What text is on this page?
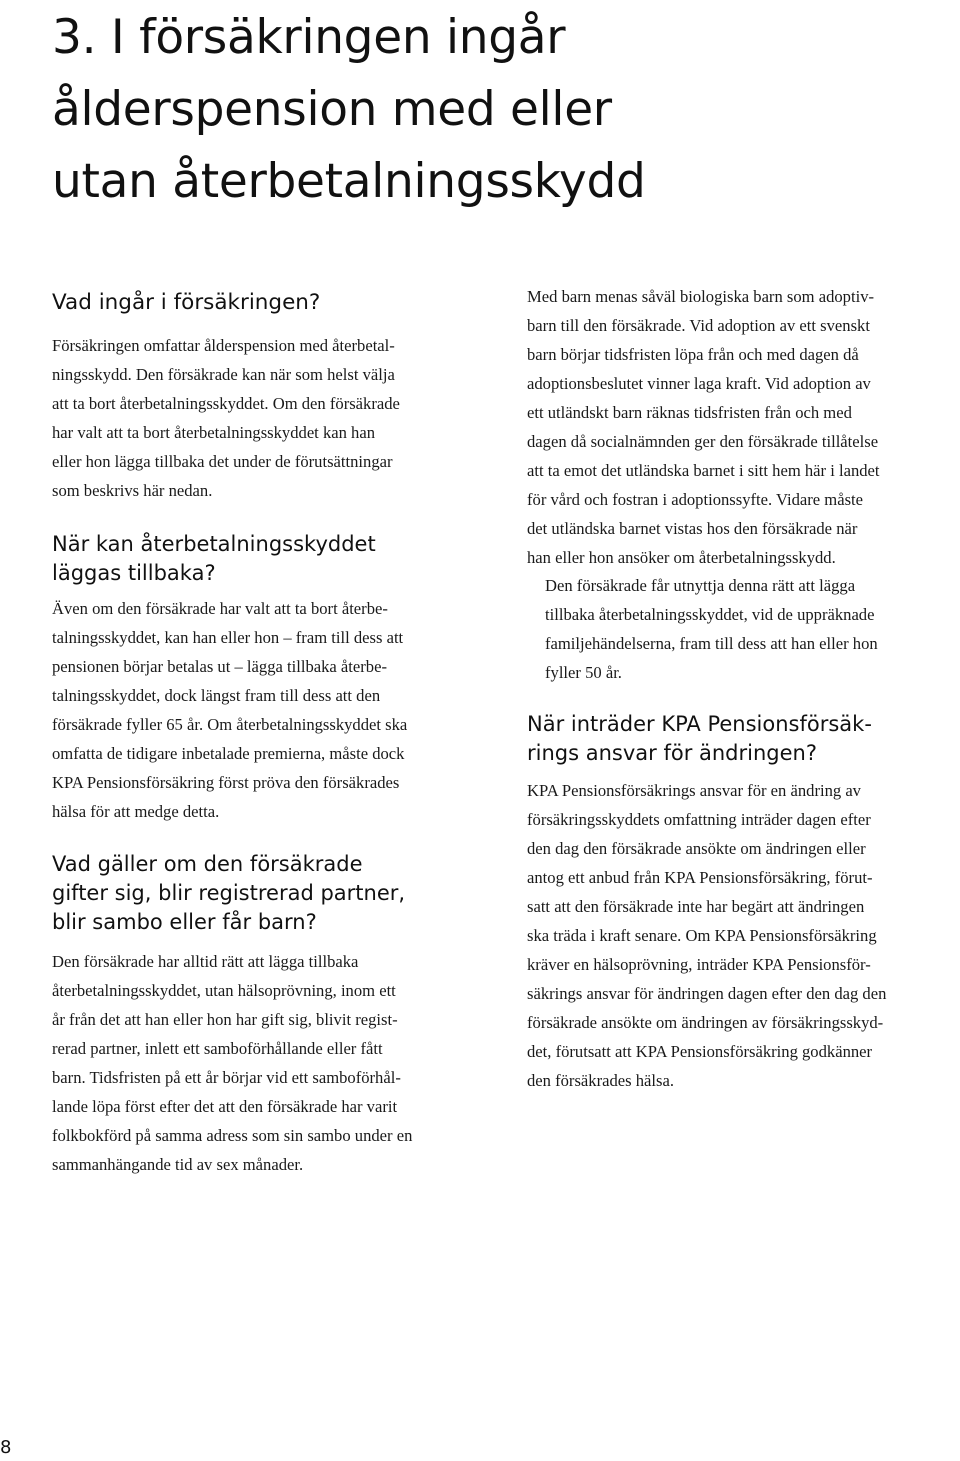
3. I försäkringen ingår
ålderspension med eller
utan återbetalningsskydd
Vad ingår i försäkringen?

Försäkringen omfattar ålderspension med återbetal-
ningsskydd. Den försäkrade kan när som helst välja
att ta bort återbetalningsskyddet. Om den försäkrade
har valt att ta bort återbetalningsskyddet kan han
eller hon lägga tillbaka det under de förutsättningar
som beskrivs här nedan.

När kan återbetalningsskyddet
läggas tillbaka?

Även om den försäkrade har valt att ta bort återbe-
talningsskyddet, kan han eller hon – fram till dess att
pensionen börjar betalas ut – lägga tillbaka återbe-
talningsskyddet, dock längst fram till dess att den
försäkrade fyller 65 år. Om återbetalningsskyddet ska
omfatta de tidigare inbetalade premierna, måste dock
KPA Pensionsförsäkring först pröva den försäkrades
hälsa för att medge detta.

Vad gäller om den försäkrade
gifter sig, blir registrerad partner,
blir sambo eller får barn?

Den försäkrade har alltid rätt att lägga tillbaka
återbetalningsskyddet, utan hälsoprövning, inom ett
år från det att han eller hon har gift sig, blivit regist-
rerad partner, inlett ett samboförhållande eller fått
barn. Tidsfristen på ett år börjar vid ett samboförhål-
lande löpa först efter det att den försäkrade har varit
folkbokförd på samma adress som sin sambo under en
sammanhängande tid av sex månader.

Med barn menas såväl biologiska barn som adoptiv-
barn till den försäkrade. Vid adoption av ett svenskt
barn börjar tidsfristen löpa från och med dagen då
adoptionsbeslutet vinner laga kraft. Vid adoption av
ett utländskt barn räknas tidsfristen från och med
dagen då socialnämnden ger den försäkrade tillåtelse
att ta emot det utländska barnet i sitt hem här i landet
för vård och fostran i adoptionssyfte. Vidare måste
det utländska barnet vistas hos den försäkrade när
han eller hon ansöker om återbetalningsskydd.

Den försäkrade får utnyttja denna rätt att lägga
tillbaka återbetalningsskyddet, vid de uppräknade
familjehändelserna, fram till dess att han eller hon
fyller 50 år.

När inträder KPA Pensionsförsäk-
rings ansvar för ändringen?

KPA Pensionsförsäkrings ansvar för en ändring av
försäkringsskyddets omfattning inträder dagen efter
den dag den försäkrade ansökte om ändringen eller
antog ett anbud från KPA Pensionsförsäkring, förut-
satt att den försäkrade inte har begärt att ändringen
ska träda i kraft senare. Om KPA Pensionsförsäkring
kräver en hälsoprövning, inträder KPA Pensionsför-
säkrings ansvar för ändringen dagen efter den dag den
försäkrade ansökte om ändringen av försäkringsskyd-
det, förutsatt att KPA Pensionsförsäkring godkänner
den försäkrades hälsa.

8
